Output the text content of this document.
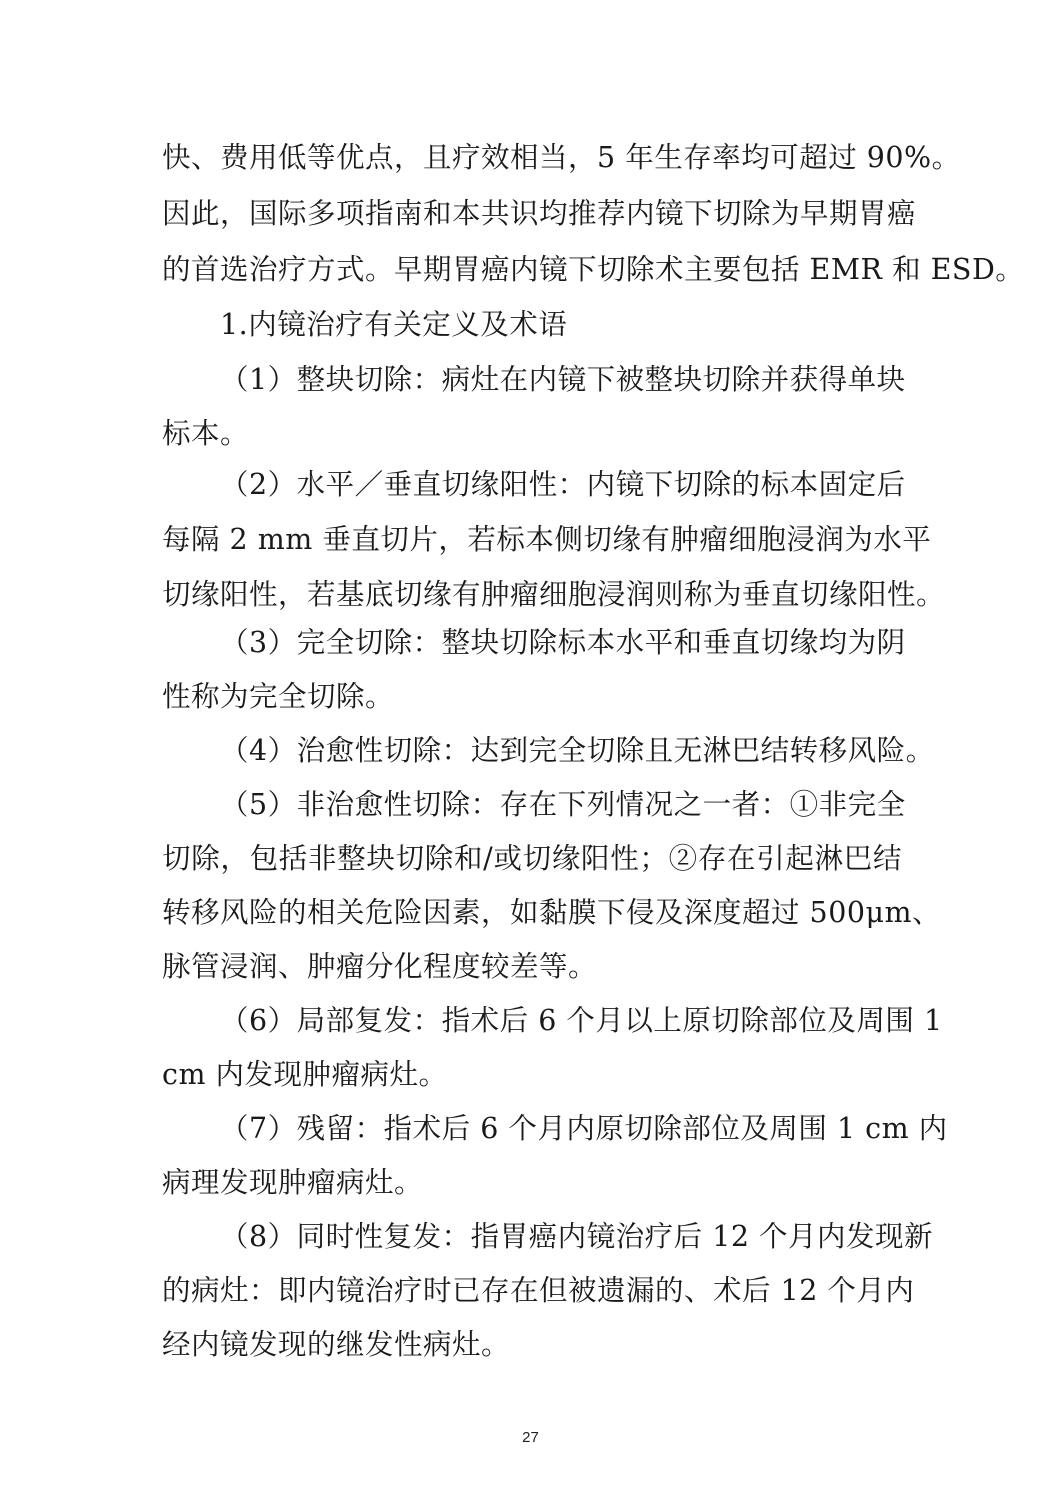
快、费用低等优点，且疗效相当，5 年生存率均可超过 90%。
因此，国际多项指南和本共识均推荐内镜下切除为早期胃癌
的首选治疗方式。早期胃癌内镜下切除术主要包括 EMR 和 ESD。
1.内镜治疗有关定义及术语
（1）整块切除：病灶在内镜下被整块切除并获得单块
标本。
（2）水平／垂直切缘阳性：内镜下切除的标本固定后
每隔 2 mm 垂直切片，若标本侧切缘有肿瘤细胞浸润为水平
切缘阳性，若基底切缘有肿瘤细胞浸润则称为垂直切缘阳性。
（3）完全切除：整块切除标本水平和垂直切缘均为阴
性称为完全切除。
（4）治愈性切除：达到完全切除且无淋巴结转移风险。
（5）非治愈性切除：存在下列情况之一者：①非完全
切除，包括非整块切除和/或切缘阳性；②存在引起淋巴结
转移风险的相关危险因素，如黏膜下侵及深度超过 500μm、
脉管浸润、肿瘤分化程度较差等。
（6）局部复发：指术后 6 个月以上原切除部位及周围 1
cm 内发现肿瘤病灶。
（7）残留：指术后 6 个月内原切除部位及周围 1 cm 内
病理发现肿瘤病灶。
（8）同时性复发：指胃癌内镜治疗后 12 个月内发现新
的病灶：即内镜治疗时已存在但被遗漏的、术后 12 个月内
经内镜发现的继发性病灶。
27
